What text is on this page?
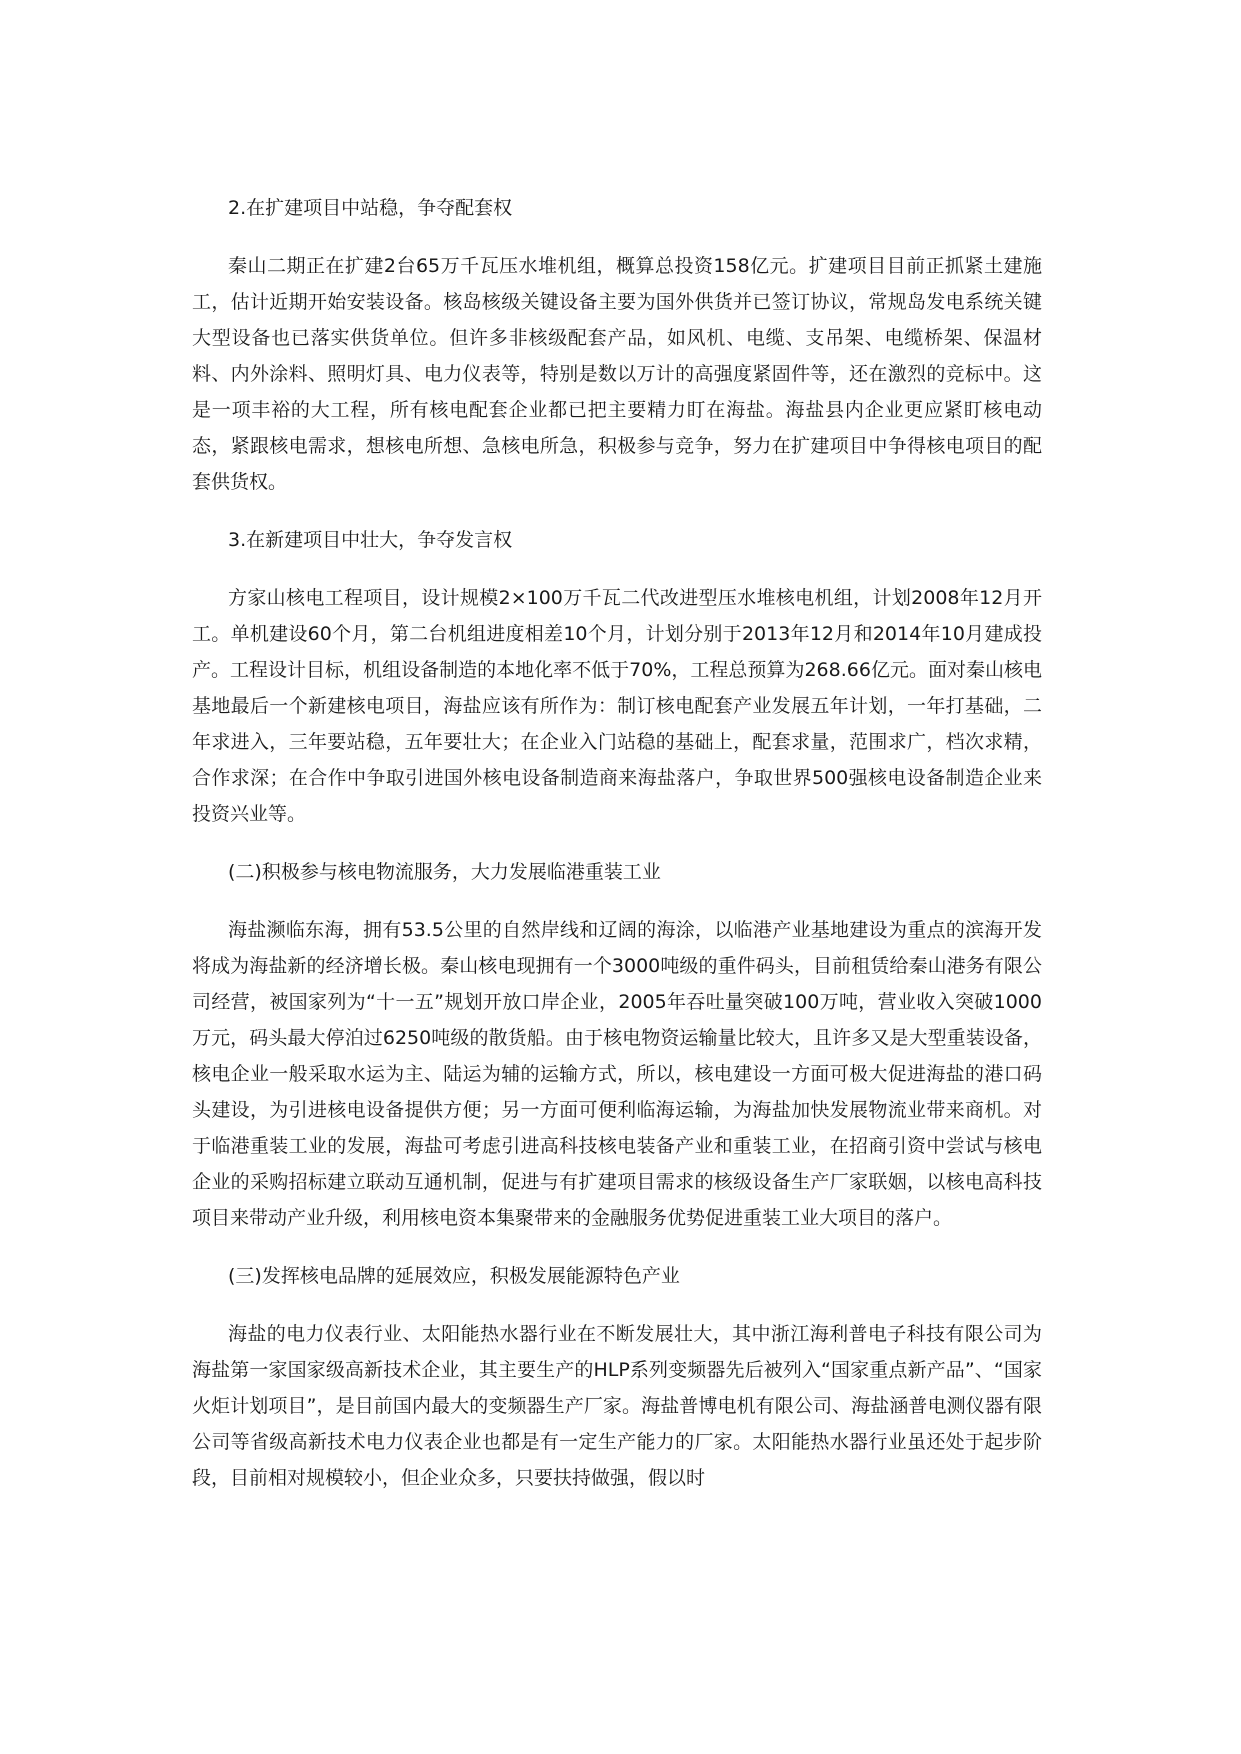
2.在扩建项目中站稳，争夺配套权

秦山二期正在扩建2台65万千瓦压水堆机组，概算总投资158亿元。扩建项目目前正抓紧土建施工，估计近期开始安装设备。核岛核级关键设备主要为国外供货并已签订协议，常规岛发电系统关键大型设备也已落实供货单位。但许多非核级配套产品，如风机、电缆、支吊架、电缆桥架、保温材料、内外涂料、照明灯具、电力仪表等，特别是数以万计的高强度紧固件等，还在激烈的竞标中。这是一项丰裕的大工程，所有核电配套企业都已把主要精力盯在海盐。海盐县内企业更应紧盯核电动态，紧跟核电需求，想核电所想、急核电所急，积极参与竞争，努力在扩建项目中争得核电项目的配套供货权。

3.在新建项目中壮大，争夺发言权

方家山核电工程项目，设计规模2×100万千瓦二代改进型压水堆核电机组，计划2008年12月开工。单机建设60个月，第二台机组进度相差10个月，计划分别于2013年12月和2014年10月建成投产。工程设计目标，机组设备制造的本地化率不低于70%，工程总预算为268.66亿元。面对秦山核电基地最后一个新建核电项目，海盐应该有所作为：制订核电配套产业发展五年计划，一年打基础，二年求进入，三年要站稳，五年要壮大；在企业入门站稳的基础上，配套求量，范围求广，档次求精，合作求深；在合作中争取引进国外核电设备制造商来海盐落户，争取世界500强核电设备制造企业来投资兴业等。

(二)积极参与核电物流服务，大力发展临港重装工业

海盐濒临东海，拥有53.5公里的自然岸线和辽阔的海涂，以临港产业基地建设为重点的滨海开发将成为海盐新的经济增长极。秦山核电现拥有一个3000吨级的重件码头，目前租赁给秦山港务有限公司经营，被国家列为“十一五”规划开放口岸企业，2005年吞吐量突破100万吨，营业收入突破1000万元，码头最大停泊过6250吨级的散货船。由于核电物资运输量比较大，且许多又是大型重装设备，核电企业一般采取水运为主、陆运为辅的运输方式，所以，核电建设一方面可极大促进海盐的港口码头建设，为引进核电设备提供方便；另一方面可便利临海运输，为海盐加快发展物流业带来商机。对于临港重装工业的发展，海盐可考虑引进高科技核电装备产业和重装工业，在招商引资中尝试与核电企业的采购招标建立联动互通机制，促进与有扩建项目需求的核级设备生产厂家联姻，以核电高科技项目来带动产业升级，利用核电资本集聚带来的金融服务优势促进重装工业大项目的落户。

(三)发挥核电品牌的延展效应，积极发展能源特色产业

海盐的电力仪表行业、太阳能热水器行业在不断发展壮大，其中浙江海利普电子科技有限公司为海盐第一家国家级高新技术企业，其主要生产的HLP系列变频器先后被列入“国家重点新产品”、“国家火炬计划项目”，是目前国内最大的变频器生产厂家。海盐普博电机有限公司、海盐涵普电测仪器有限公司等省级高新技术电力仪表企业也都是有一定生产能力的厂家。太阳能热水器行业虽还处于起步阶段，目前相对规模较小，但企业众多，只要扶持做强，假以时
